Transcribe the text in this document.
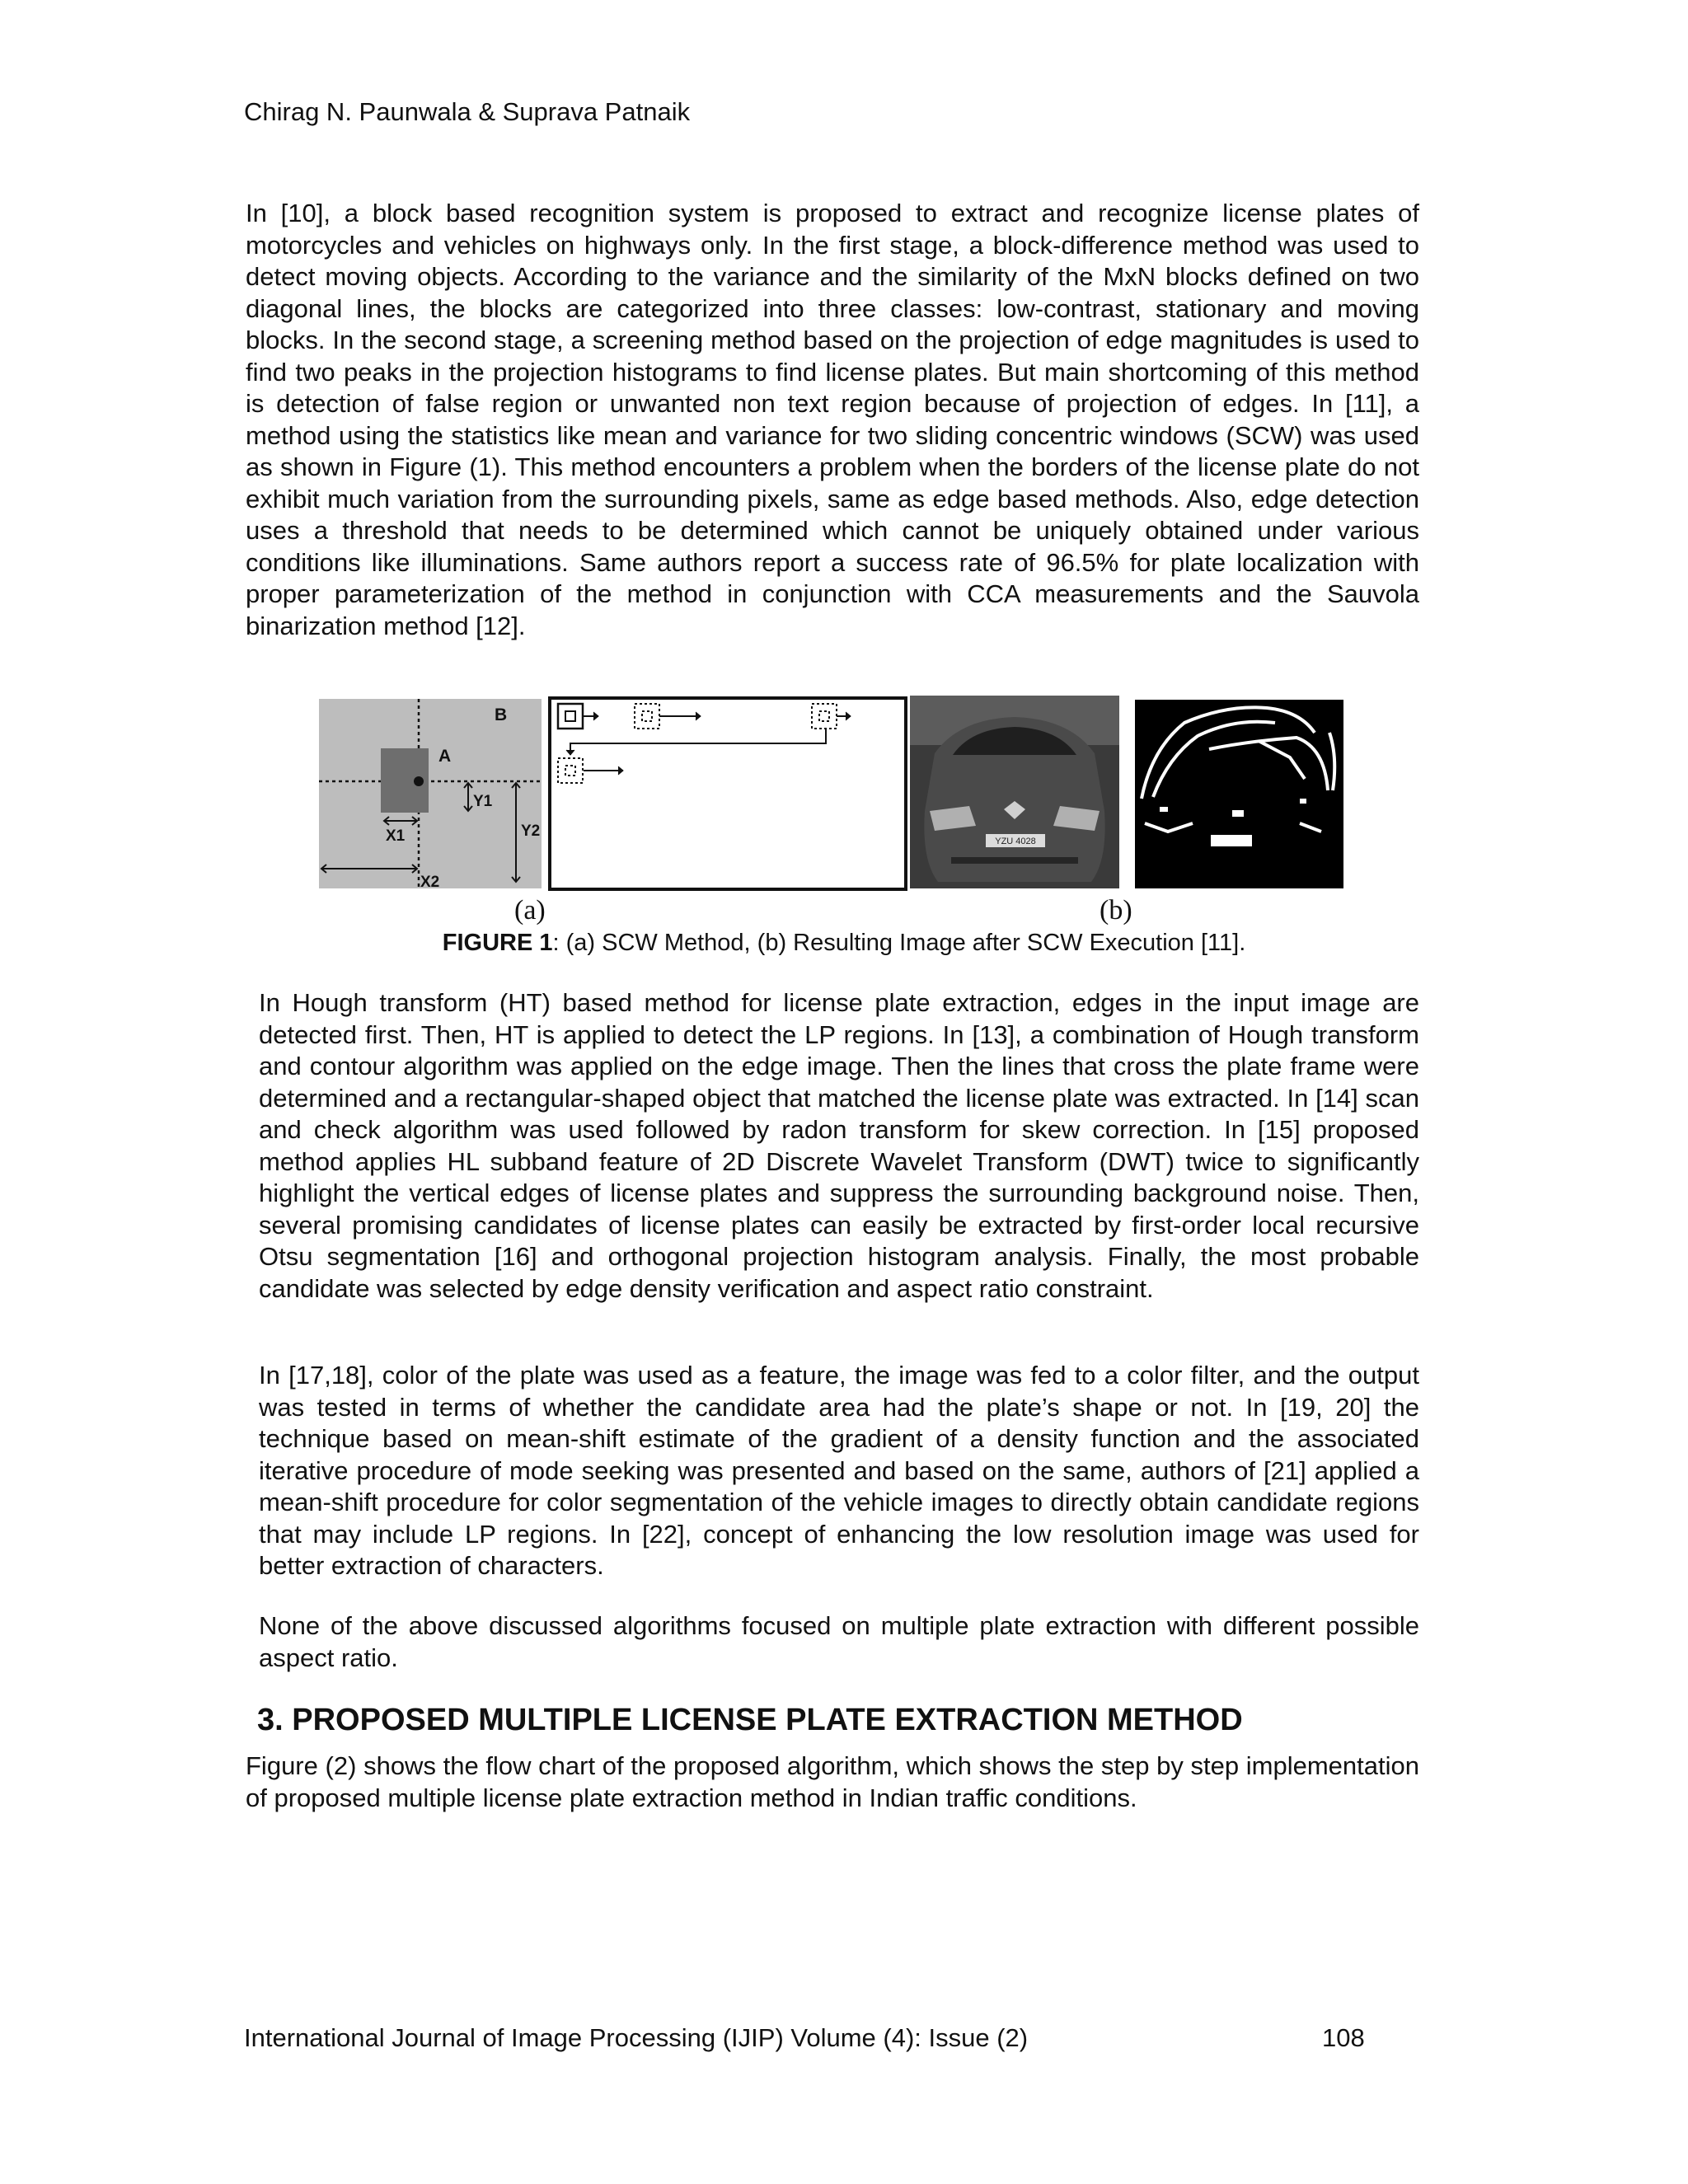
Chirag N. Paunwala & Suprava Patnaik

In [10], a block based recognition system is proposed to extract and recognize license plates of motorcycles and vehicles on highways only. In the first stage, a block-difference method was used to detect moving objects. According to the variance and the similarity of the MxN blocks defined on two diagonal lines, the blocks are categorized into three classes: low-contrast, stationary and moving blocks. In the second stage, a screening method based on the projection of edge magnitudes is used to find two peaks in the projection histograms to find license plates. But main shortcoming of this method is detection of false region or unwanted non text region because of projection of edges. In [11], a method using the statistics like mean and variance for two sliding concentric windows (SCW) was used as shown in Figure (1). This method encounters a problem when the borders of the license plate do not exhibit much variation from the surrounding pixels, same as edge based methods. Also, edge detection uses a threshold that needs to be determined which cannot be uniquely obtained under various conditions like illuminations. Same authors report a success rate of 96.5% for plate localization with proper parameterization of the method in conjunction with CCA measurements and the Sauvola binarization method [12].

B
A
Y1
Y2
X1
X2
YZU 4028
(a)	(b)
FIGURE 1: (a) SCW Method, (b) Resulting Image after SCW Execution [11].

In Hough transform (HT) based method for license plate extraction, edges in the input image are detected first. Then, HT is applied to detect the LP regions. In [13], a combination of Hough transform and contour algorithm was applied on the edge image. Then the lines that cross the plate frame were determined and a rectangular-shaped object that matched the license plate was extracted. In [14] scan and check algorithm was used followed by radon transform for skew correction. In [15] proposed method applies HL subband feature of 2D Discrete Wavelet Transform (DWT) twice to significantly highlight the vertical edges of license plates and suppress the surrounding background noise. Then, several promising candidates of license plates can easily be extracted by first-order local recursive Otsu segmentation [16] and orthogonal projection histogram analysis. Finally, the most probable candidate was selected by edge density verification and aspect ratio constraint.

In [17,18], color of the plate was used as a feature, the image was fed to a color filter, and the output was tested in terms of whether the candidate area had the plate’s shape or not. In [19, 20] the technique based on mean-shift estimate of the gradient of a density function and the associated iterative procedure of mode seeking was presented and based on the same, authors of [21] applied a mean-shift procedure for color segmentation of the vehicle images to directly obtain candidate regions that may include LP regions. In [22], concept of enhancing the low resolution image was used for better extraction of characters.

None of the above discussed algorithms focused on multiple plate extraction with different possible aspect ratio.

3. PROPOSED MULTIPLE LICENSE PLATE EXTRACTION METHOD

Figure (2) shows the flow chart of the proposed algorithm, which shows the step by step implementation of proposed multiple license plate extraction method in Indian traffic conditions.

International Journal of Image Processing (IJIP) Volume (4): Issue (2)	108
